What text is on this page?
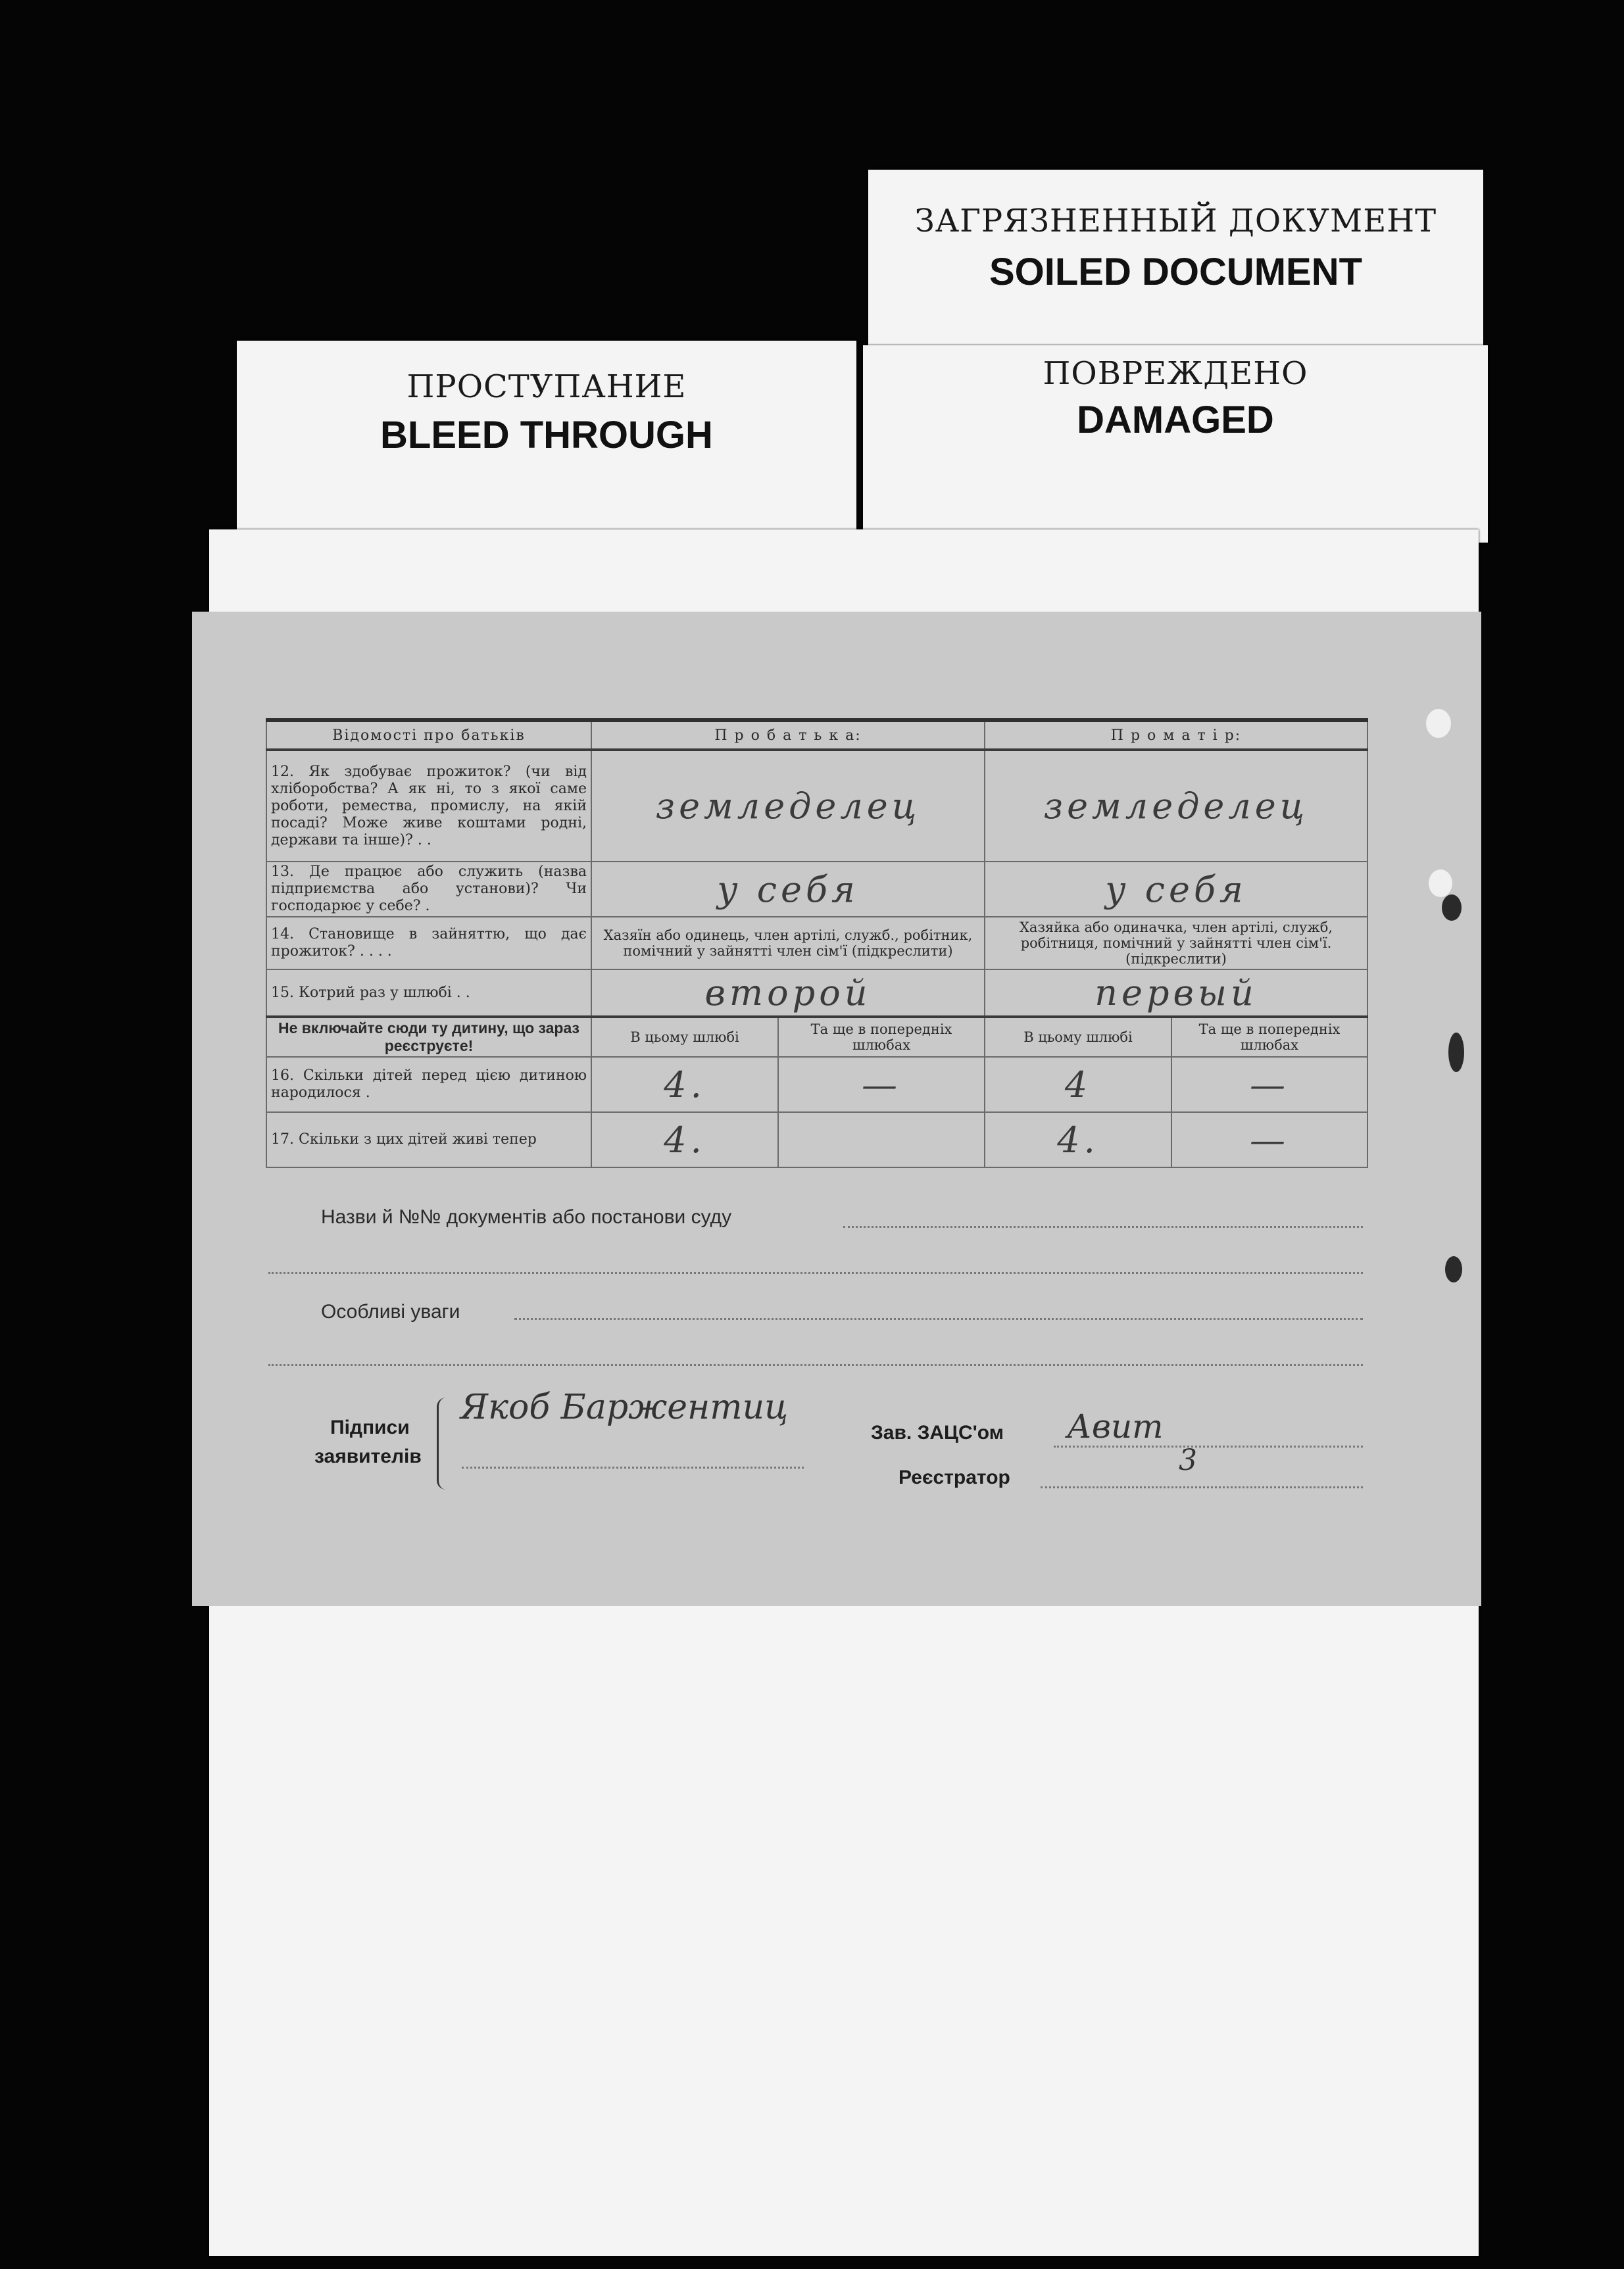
ЗАГРЯЗНЕННЫЙ ДОКУМЕНТ
SOILED DOCUMENT
ПРОСТУПАНИЕ
BLEED THROUGH
ПОВРЕЖДЕНО
DAMAGED
Відомості про батьків	П р о б а т ь к а:		П р о м а т і р:	
12. Як здобуває прожиток? (чи від хліборобства? А як ні, то з якої саме роботи, ремества, промислу, на якій посаді? Може живе коштами родні, держави та інше)? . .	земледелец		земледелец	
13. Де працює або служить (назва підприємства або установи)? Чи господарює у себе? .	у себя		у себя	
14. Становище в зайняттю, що дає прожиток? . . . .	Хазяїн або одинець, член артілі, служб., робітник, помічний у зайнятті член сім'ї (підкреслити)		Хазяйка або одиначка, член артілі, служб, робітниця, помічний у зайнятті член сім'ї. (підкреслити)	
15. Котрий раз у шлюбі . .	второй		первый	
Не включайте сюди ту дитину, що зараз реєструєте!	В цьому шлюбі	Та ще в попередніх шлюбах	В цьому шлюбі	Та ще в попередніх шлюбах
16. Скільки дітей перед цією дитиною народилося .	4.	—	4	—
17. Скільки з цих дітей живі тепер	4.		4.	—
Назви й №№ документів або постанови суду
Особливі уваги
Підписи
заявителів
Якоб Баржентиц
Зав. ЗАЦС'ом Авит
Реєстратор
3
